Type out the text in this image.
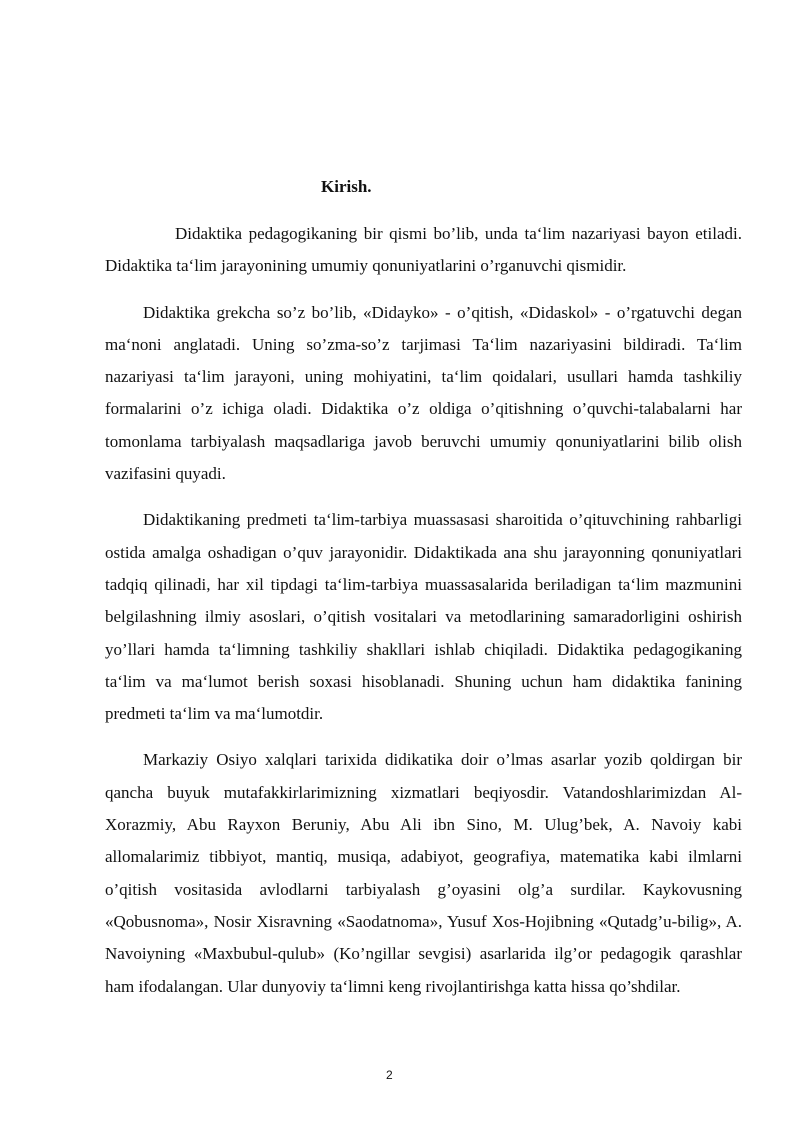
Kirish.

Didaktika pedagogikaning bir qismi bo’lib, unda ta‘lim nazariyasi bayon etiladi. Didaktika ta‘lim jarayonining umumiy qonuniyatlarini o’rganuvchi qismidir.

Didaktika grekcha so’z bo’lib, «Didayko» - o’qitish, «Didaskol» - o’rgatuvchi degan ma‘noni anglatadi. Uning so’zma-so’z tarjimasi Ta‘lim nazariyasini bildiradi. Ta‘lim nazariyasi ta‘lim jarayoni, uning mohiyatini, ta‘lim qoidalari, usullari hamda tashkiliy formalarini o’z ichiga oladi. Didaktika o’z oldiga o’qitishning o’quvchi-talabalarni har tomonlama tarbiyalash maqsadlariga javob beruvchi umumiy qonuniyatlarini bilib olish vazifasini quyadi.

Didaktikaning predmeti ta‘lim-tarbiya muassasasi sharoitida o’qituvchining rahbarligi ostida amalga oshadigan o’quv jarayonidir. Didaktikada ana shu jarayonning qonuniyatlari tadqiq qilinadi, har xil tipdagi ta‘lim-tarbiya muassasalarida beriladigan ta‘lim mazmunini belgilashning ilmiy asoslari, o’qitish vositalari va metodlarining samaradorligini oshirish yo’llari hamda ta‘limning tashkiliy shakllari ishlab chiqiladi. Didaktika pedagogikaning ta‘lim va ma‘lumot berish soxasi hisoblanadi. Shuning uchun ham didaktika fanining predmeti ta‘lim va ma‘lumotdir.

Markaziy Osiyo xalqlari tarixida didikatika doir o’lmas asarlar yozib qoldirgan bir qancha buyuk mutafakkirlarimizning xizmatlari beqiyosdir. Vatandoshlarimizdan Al-Xorazmiy, Abu Rayxon Beruniy, Abu Ali ibn Sino, M. Ulug’bek, A. Navoiy kabi allomalarimiz tibbiyot, mantiq, musiqa, adabiyot, geografiya, matematika kabi ilmlarni o’qitish vositasida avlodlarni tarbiyalash g’oyasini olg’a surdilar. Kaykovusning «Qobusnoma», Nosir Xisravning «Saodatnoma», Yusuf Xos-Hojibning «Qutadg’u-bilig», A. Navoiyning «Maxbubul-qulub» (Ko’ngillar sevgisi) asarlarida ilg’or pedagogik qarashlar ham ifodalangan. Ular dunyoviy ta‘limni keng rivojlantirishga katta hissa qo’shdilar.

2
